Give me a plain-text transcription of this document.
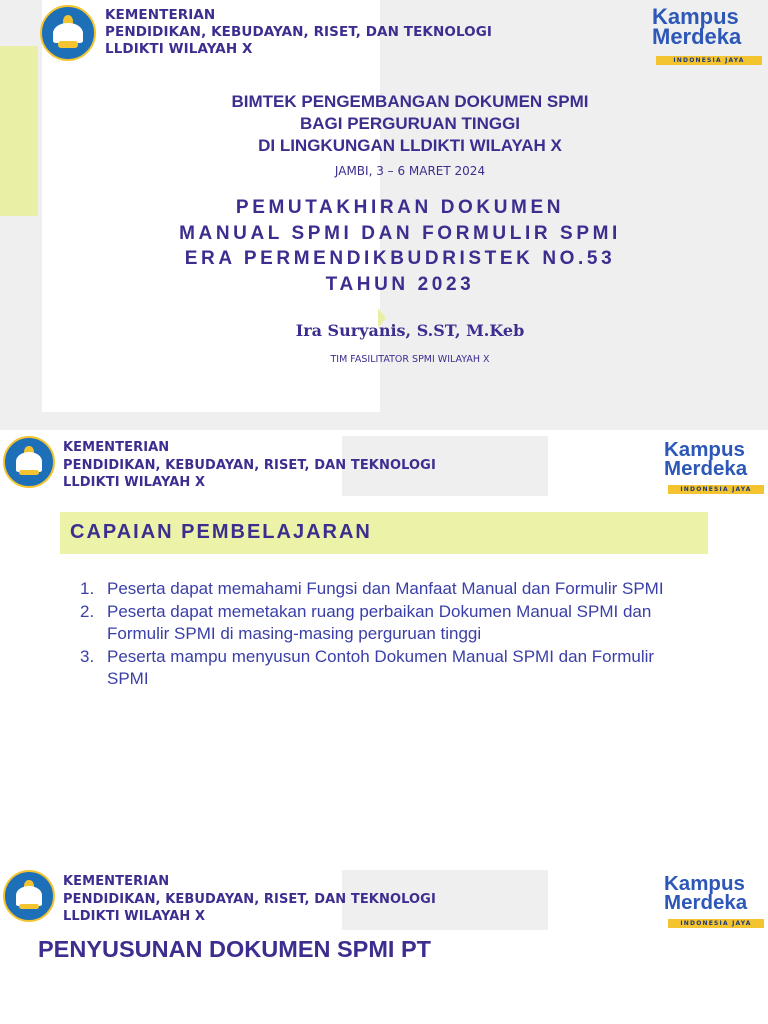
KEMENTERIAN
PENDIDIKAN, KEBUDAYAN, RISET, DAN TEKNOLOGI
LLDIKTI WILAYAH X
Kampus
Merdeka
INDONESIA JAYA
BIMTEK PENGEMBANGAN DOKUMEN SPMI
BAGI PERGURUAN TINGGI
DI LINGKUNGAN LLDIKTI WILAYAH X
JAMBI, 3 – 6 MARET 2024
PEMUTAKHIRAN DOKUMEN
MANUAL SPMI DAN FORMULIR SPMI
ERA PERMENDIKBUDRISTEK NO.53
TAHUN 2023
Ira Suryanis, S.ST, M.Keb
TIM FASILITATOR SPMI WILAYAH X
KEMENTERIAN
PENDIDIKAN, KEBUDAYAN, RISET, DAN TEKNOLOGI
LLDIKTI WILAYAH X
Kampus
Merdeka
INDONESIA JAYA
CAPAIAN PEMBELAJARAN
1. Peserta dapat memahami Fungsi dan Manfaat Manual dan Formulir SPMI
2. Peserta dapat memetakan ruang perbaikan Dokumen Manual SPMI dan Formulir SPMI di masing-masing perguruan tinggi
3. Peserta mampu menyusun Contoh Dokumen Manual SPMI dan Formulir SPMI
KEMENTERIAN
PENDIDIKAN, KEBUDAYAN, RISET, DAN TEKNOLOGI
LLDIKTI WILAYAH X
Kampus
Merdeka
INDONESIA JAYA
PENYUSUNAN DOKUMEN SPMI PT
